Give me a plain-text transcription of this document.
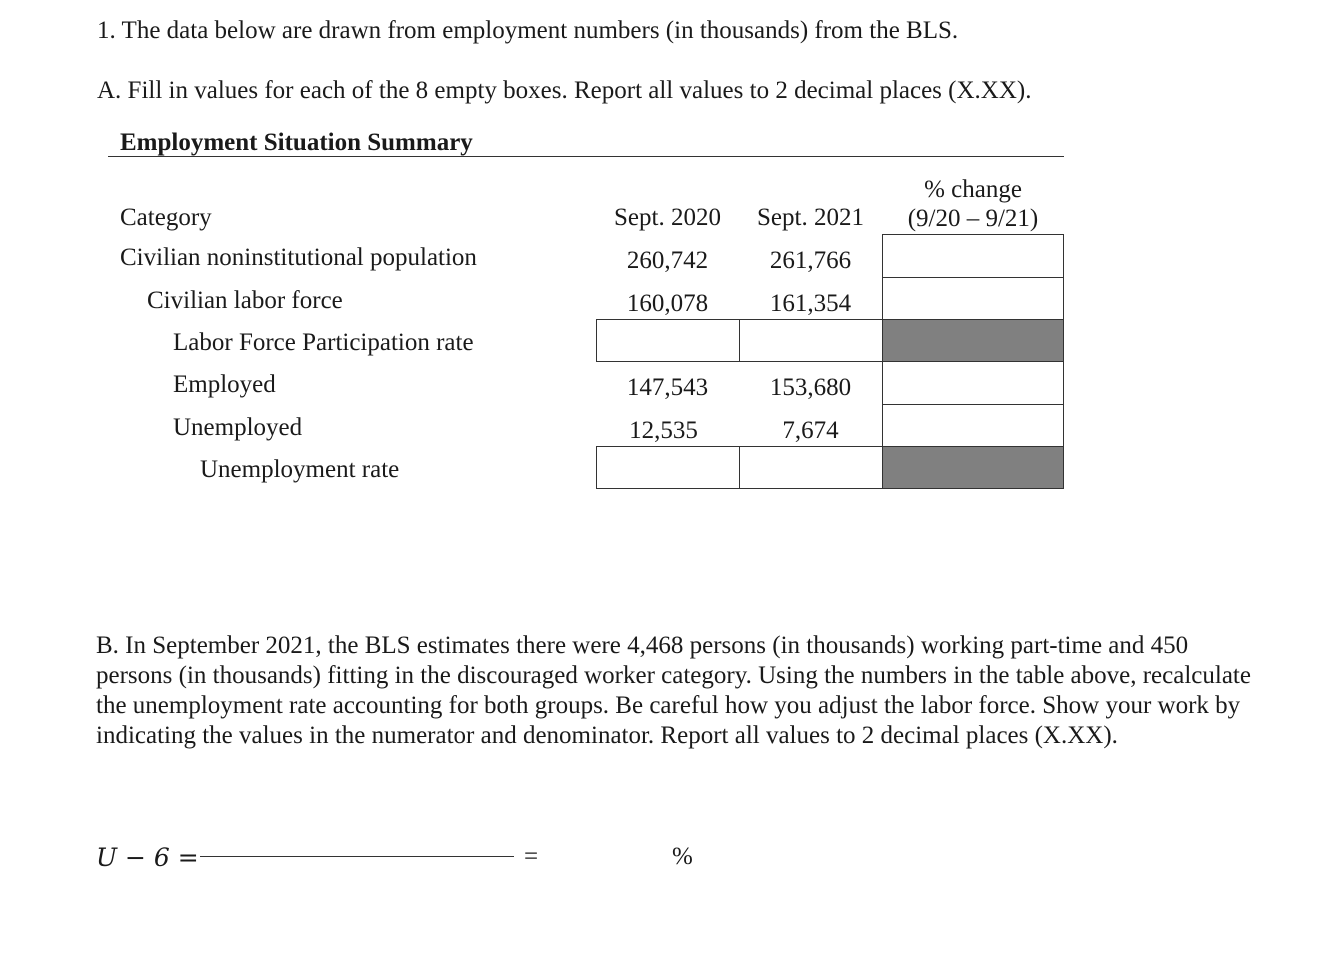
1. The data below are drawn from employment numbers (in thousands) from the BLS.
A. Fill in values for each of the 8 empty boxes. Report all values to 2 decimal places (X.XX).
Employment Situation Summary
Category	Sept. 2020	Sept. 2021
% change
(9/20 – 9/21)
Civilian noninstitutional population	260,742	261,766
Civilian labor force	160,078	161,354
Labor Force Participation rate
Employed	147,543	153,680
Unemployed	12,535	7,674
Unemployment rate
B. In September 2021, the BLS estimates there were 4,468 persons (in thousands) working part-time and 450 persons (in thousands) fitting in the discouraged worker category. Using the numbers in the table above, recalculate the unemployment rate accounting for both groups. Be careful how you adjust the labor force. Show your work by indicating the values in the numerator and denominator. Report all values to 2 decimal places (X.XX).
U − 6 =	=	%
